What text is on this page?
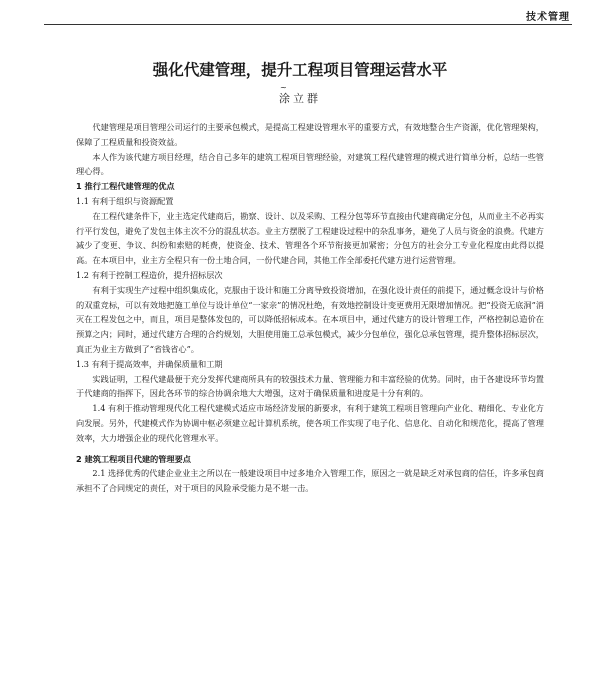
技术管理
强化代建管理，提升工程项目管理运营水平
~
涂立群

代建管理是项目管理公司运行的主要承包模式，是提高工程建设管理水平的重要方式，有效地整合生产资源，优化管理架构，保障了工程质量和投资效益。

本人作为该代建方项目经理，结合自己多年的建筑工程项目管理经验，对建筑工程代建管理的模式进行简单分析，总结一些管理心得。

1 推行工程代建管理的优点

1.1 有利于组织与资源配置

在工程代建条件下，业主选定代建商后，勘察、设计、以及采购、工程分包等环节直接由代建商确定分包，从而业主不必再实行平行发包，避免了发包主体主次不分的混乱状态。业主方摆脱了工程建设过程中的杂乱事务，避免了人员与资金的浪费。代建方减少了变更、争议、纠纷和索赔的耗费，使资金、技术、管理各个环节衔接更加紧密；分包方的社会分工专业化程度由此得以提高。在本项目中，业主方全程只有一份土地合同，一份代建合同，其他工作全部委托代建方进行运营管理。

1.2 有利于控制工程造价，提升招标层次

有利于实现生产过程中组织集成化，克服由于设计和施工分离导致投资增加，在强化设计责任的前提下，通过概念设计与价格的双重竞标，可以有效地把施工单位与设计单位“一家亲”的情况杜绝，有效地控制设计变更费用无限增加情况。把“投资无底洞”消灭在工程发包之中，而且，项目是整体发包的，可以降低招标成本。在本项目中，通过代建方的设计管理工作，严格控制总造价在预算之内；同时，通过代建方合理的合约规划，大胆使用施工总承包模式，减少分包单位，强化总承包管理，提升整体招标层次，真正为业主方做到了“省钱省心”。

1.3 有利于提高效率，并确保质量和工期

实践证明，工程代建最便于充分发挥代建商所具有的较强技术力量、管理能力和丰富经验的优势。同时，由于各建设环节均置于代建商的指挥下，因此各环节的综合协调余地大大增强，这对于确保质量和进度是十分有利的。

1.4 有利于推动管理现代化工程代建模式适应市场经济发展的新要求，有利于建筑工程项目管理向产业化、精细化、专业化方向发展。另外，代建模式作为协调中枢必须建立起计算机系统，使各项工作实现了电子化、信息化、自动化和规范化，提高了管理效率，大力增强企业的现代化管理水平。

2 建筑工程项目代建的管理要点

2.1 选择优秀的代建企业业主之所以在一般建设项目中过多地介入管理工作，原因之一就是缺乏对承包商的信任，许多承包商承担不了合同规定的责任，对于项目的风险承受能力是不堪一击。
